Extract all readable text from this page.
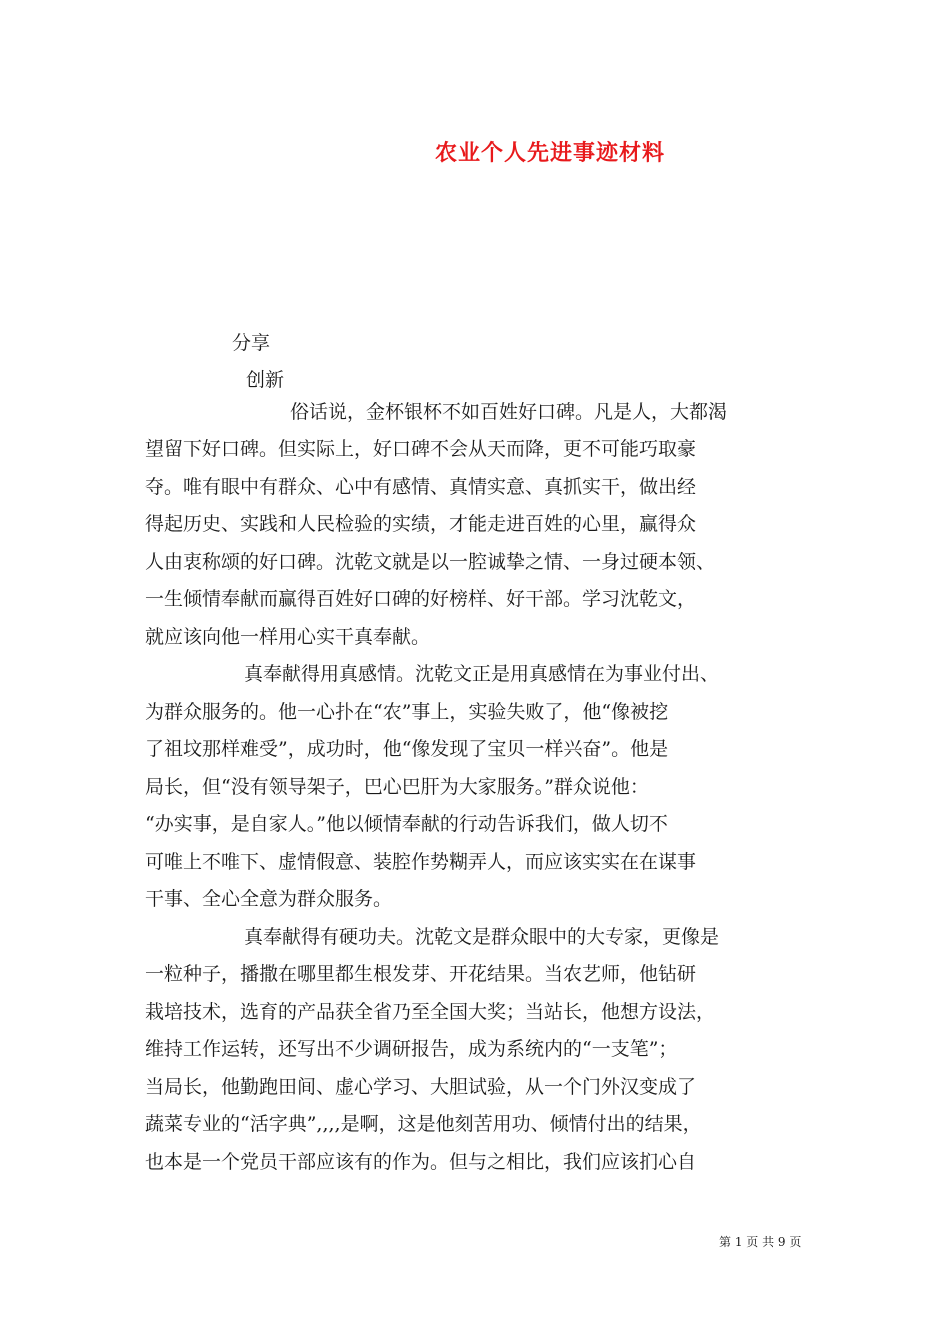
农业个人先进事迹材料
分享
创新
俗话说，金杯银杯不如百姓好口碑。凡是人，大都渴
望留下好口碑。但实际上，好口碑不会从天而降，更不可能巧取豪
夺。唯有眼中有群众、心中有感情、真情实意、真抓实干，做出经
得起历史、实践和人民检验的实绩，才能走进百姓的心里，赢得众
人由衷称颂的好口碑。沈乾文就是以一腔诚挚之情、一身过硬本领、
一生倾情奉献而赢得百姓好口碑的好榜样、好干部。学习沈乾文，
就应该向他一样用心实干真奉献。
真奉献得用真感情。沈乾文正是用真感情在为事业付出、
为群众服务的。他一心扑在“农”事上，实验失败了，他“像被挖
了祖坟那样难受”，成功时，他“像发现了宝贝一样兴奋”。他是
局长，但“没有领导架子，巴心巴肝为大家服务。”群众说他：
“办实事，是自家人。”他以倾情奉献的行动告诉我们，做人切不
可唯上不唯下、虚情假意、装腔作势糊弄人，而应该实实在在谋事
干事、全心全意为群众服务。
真奉献得有硬功夫。沈乾文是群众眼中的大专家，更像是
一粒种子，播撒在哪里都生根发芽、开花结果。当农艺师，他钻研
栽培技术，选育的产品获全省乃至全国大奖；当站长，他想方设法，
维持工作运转，还写出不少调研报告，成为系统内的“一支笔”；
当局长，他勤跑田间、虚心学习、大胆试验，从一个门外汉变成了
蔬菜专业的“活字典”,,,,是啊，这是他刻苦用功、倾情付出的结果，
也本是一个党员干部应该有的作为。但与之相比，我们应该扪心自
第 1 页 共 9 页
